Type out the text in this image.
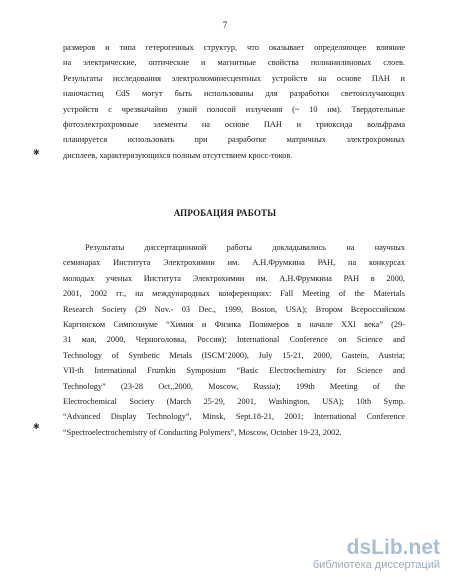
7
✱
✱
размеров и типа гетерогенных структур, что оказывает определяющее влияние
на электрические, оптические и магнитные свойства полианилиновых слоев.
Результаты исследования электролюминесцентных устройств на основе ПАН и
наночастиц CdS могут быть использованы для разработки светоизлучающих
устройств с чрезвычайно узкой полосой излучения (~ 10 нм). Твердотельные
фотоэлектрохромные элементы на основе ПАН и триоксида вольфрама
планируется использовать при разработке матричных электрохромных
дисплеев, характеризующихся полным отсутствием кросс-токов.
АПРОБАЦИЯ РАБОТЫ
Результаты диссертационной работы докладывались на научных
семинарах Института Электрохимии им. А.Н.Фрумкина РАН, на конкурсах
молодых ученых Института Электрохимии им. А.Н.Фрумкина РАН в 2000,
2001, 2002 гг., на международных конференциях: Fall Meeting of the Materials
Research Society (29 Nov.- 03 Dec., 1999, Boston, USA); Втором Всероссийском
Каргинском Симпозиуме “Химия и Физика Полимеров в начале XXI века” (29-
31 мая, 2000, Черноголовка, Россия); International Conference on Science and
Technology of Synthetic Metals (ISCM’2000), July 15-21, 2000, Gastein, Austria;
VII-th International Frumkin Symposium “Basic Electrochemistry for Science and
Technology” (23-28 Oct.,2000, Moscow, Russia); 199th Meeting of the
Electrochemical Society (March 25-29, 2001, Washington, USA); 10th Symp.
“Advanced Display Technology”, Minsk, Sept.18-21, 2001; International Conference
“Spectroelectrochemistry of Conducting Polymers”, Moscow, October 19-23, 2002.
dsLib.net
библиотека диссертаций
